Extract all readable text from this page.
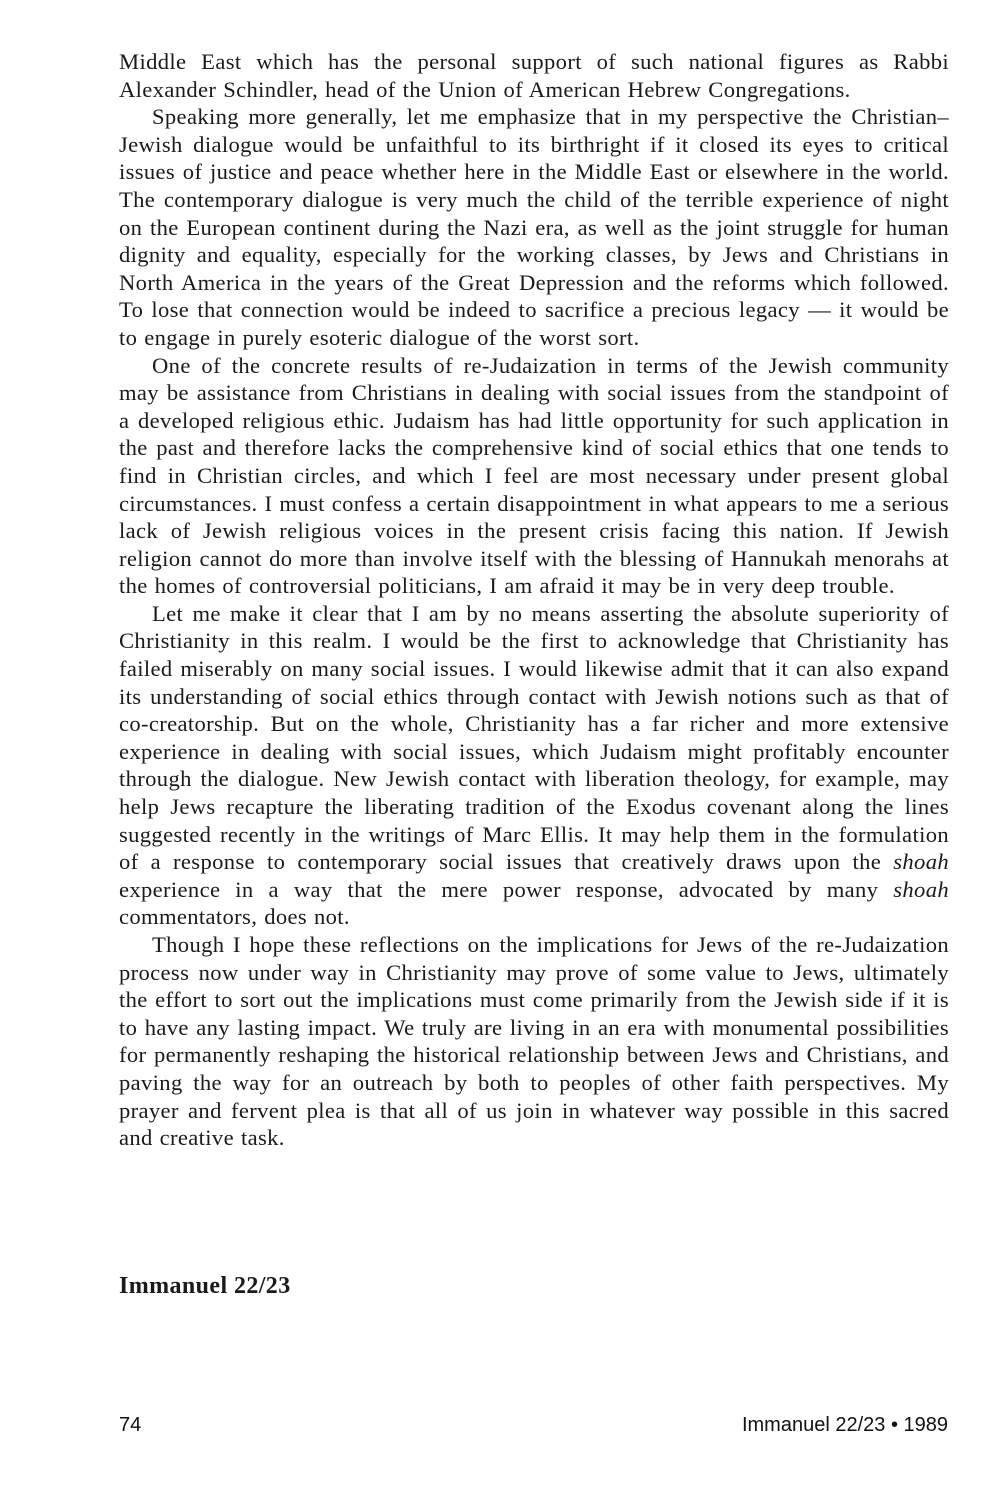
Middle East which has the personal support of such national figures as Rabbi Alexander Schindler, head of the Union of American Hebrew Congregations.

Speaking more generally, let me emphasize that in my perspective the Christian–Jewish dialogue would be unfaithful to its birthright if it closed its eyes to critical issues of justice and peace whether here in the Middle East or elsewhere in the world. The contemporary dialogue is very much the child of the terrible experience of night on the European continent during the Nazi era, as well as the joint struggle for human dignity and equality, especially for the working classes, by Jews and Christians in North America in the years of the Great Depression and the reforms which followed. To lose that connection would be indeed to sacrifice a precious legacy — it would be to engage in purely esoteric dialogue of the worst sort.

One of the concrete results of re-Judaization in terms of the Jewish community may be assistance from Christians in dealing with social issues from the standpoint of a developed religious ethic. Judaism has had little opportunity for such application in the past and therefore lacks the comprehensive kind of social ethics that one tends to find in Christian circles, and which I feel are most necessary under present global circumstances. I must confess a certain disappointment in what appears to me a serious lack of Jewish religious voices in the present crisis facing this nation. If Jewish religion cannot do more than involve itself with the blessing of Hannukah menorahs at the homes of controversial politicians, I am afraid it may be in very deep trouble.

Let me make it clear that I am by no means asserting the absolute superiority of Christianity in this realm. I would be the first to acknowledge that Christianity has failed miserably on many social issues. I would likewise admit that it can also expand its understanding of social ethics through contact with Jewish notions such as that of co-creatorship. But on the whole, Christianity has a far richer and more extensive experience in dealing with social issues, which Judaism might profitably encounter through the dialogue. New Jewish contact with liberation theology, for example, may help Jews recapture the liberating tradition of the Exodus covenant along the lines suggested recently in the writings of Marc Ellis. It may help them in the formulation of a response to contemporary social issues that creatively draws upon the shoah experience in a way that the mere power response, advocated by many shoah commentators, does not.

Though I hope these reflections on the implications for Jews of the re-Judaization process now under way in Christianity may prove of some value to Jews, ultimately the effort to sort out the implications must come primarily from the Jewish side if it is to have any lasting impact. We truly are living in an era with monumental possibilities for permanently reshaping the historical relationship between Jews and Christians, and paving the way for an outreach by both to peoples of other faith perspectives. My prayer and fervent plea is that all of us join in whatever way possible in this sacred and creative task.

Immanuel 22/23

74	Immanuel 22/23 • 1989
